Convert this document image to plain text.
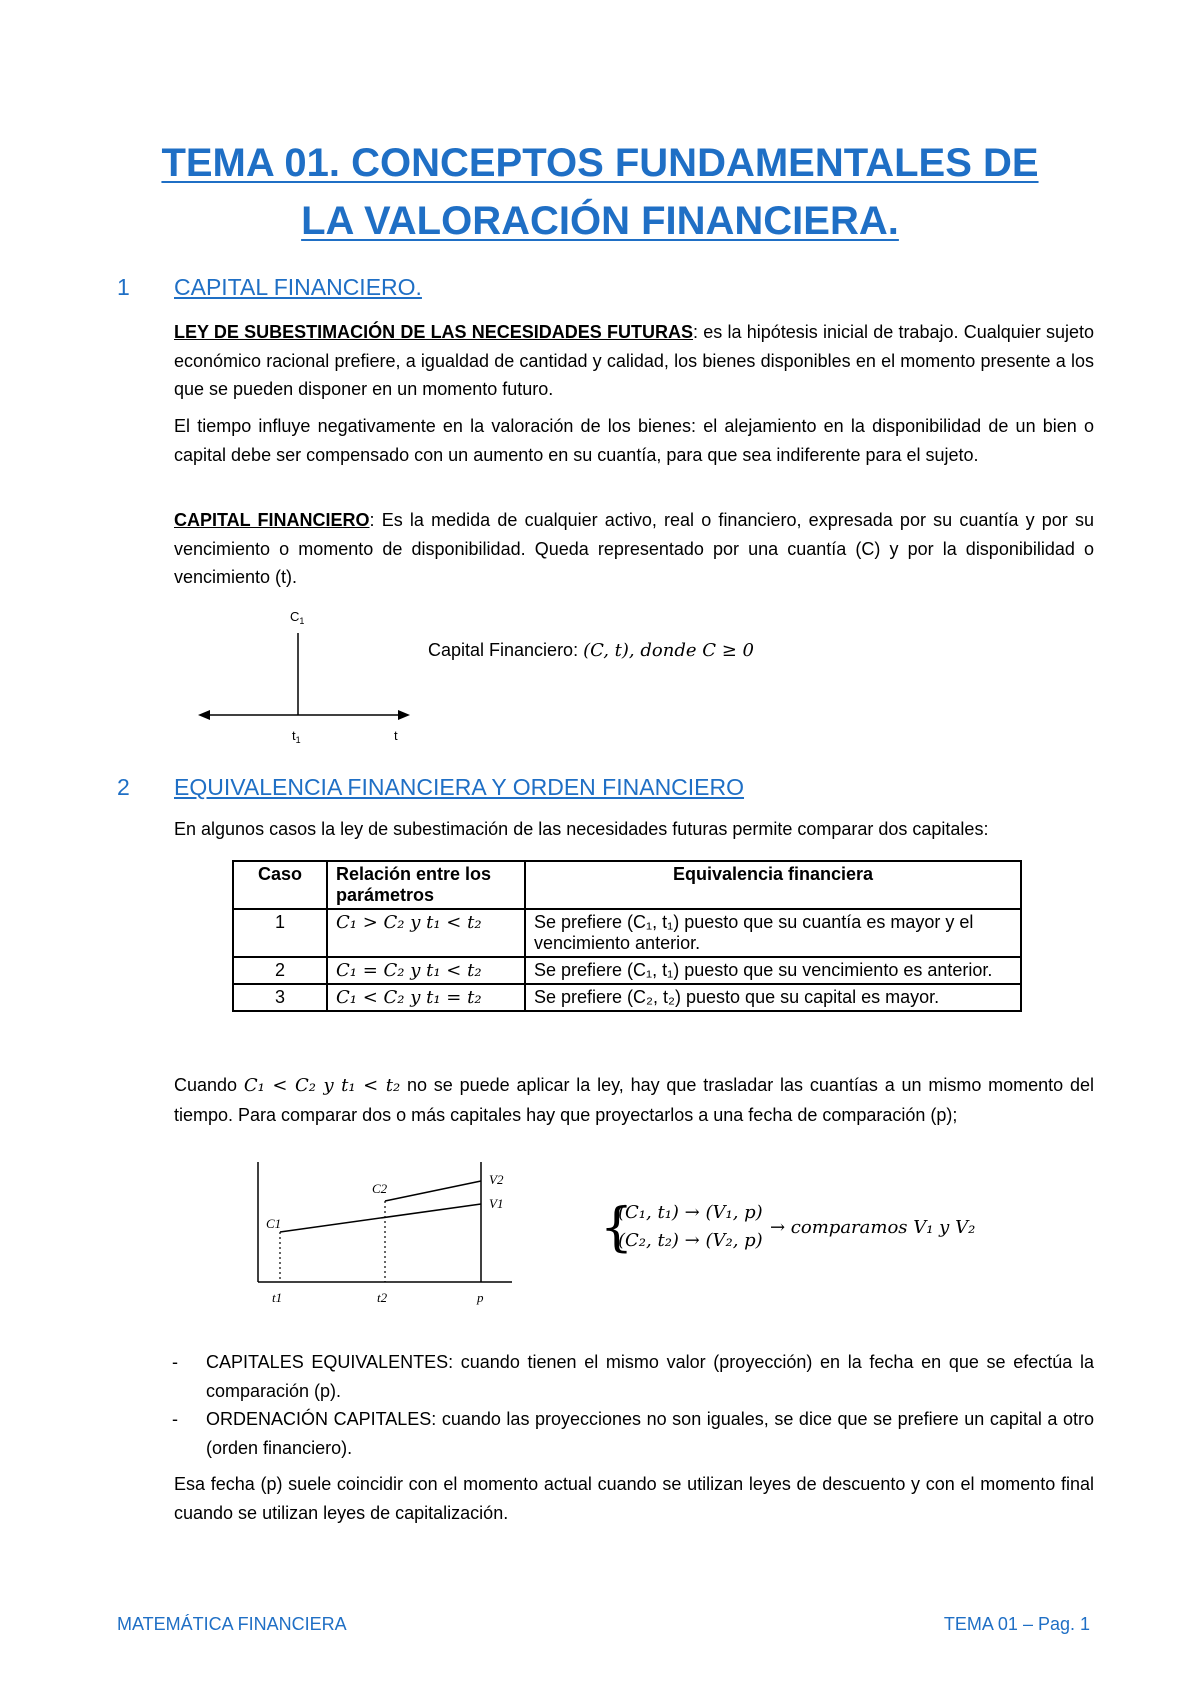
TEMA 01. CONCEPTOS FUNDAMENTALES DE
LA VALORACIÓN FINANCIERA.
1 CAPITAL FINANCIERO.
LEY DE SUBESTIMACIÓN DE LAS NECESIDADES FUTURAS: es la hipótesis inicial de trabajo. Cualquier sujeto económico racional prefiere, a igualdad de cantidad y calidad, los bienes disponibles en el momento presente a los que se pueden disponer en un momento futuro.
El tiempo influye negativamente en la valoración de los bienes: el alejamiento en la disponibilidad de un bien o capital debe ser compensado con un aumento en su cuantía, para que sea indiferente para el sujeto.
CAPITAL FINANCIERO: Es la medida de cualquier activo, real o financiero, expresada por su cuantía y por su vencimiento o momento de disponibilidad. Queda representado por una cuantía (C) y por la disponibilidad o vencimiento (t).
$C_1$
$t_1$	t
Capital Financiero: (C, t), donde C ≥ 0
2 EQUIVALENCIA FINANCIERA Y ORDEN FINANCIERO
En algunos casos la ley de subestimación de las necesidades futuras permite comparar dos capitales:
Caso	Relación entre los parámetros	Equivalencia financiera
1	C₁ > C₂ y t₁ < t₂	Se prefiere (C₁, t₁) puesto que su cuantía es mayor y el vencimiento anterior.
2	C₁ = C₂ y t₁ < t₂	Se prefiere (C₁, t₁) puesto que su vencimiento es anterior.
3	C₁ < C₂ y t₁ = t₂	Se prefiere (C₂, t₂) puesto que su capital es mayor.
Cuando C₁ < C₂ y t₁ < t₂ no se puede aplicar la ley, hay que trasladar las cuantías a un mismo momento del tiempo. Para comparar dos o más capitales hay que proyectarlos a una fecha de comparación (p);
C1
C2
V2
V1
t1	t2	p
{
(C₁, t₁) → (V₁, p)
(C₂, t₂) → (V₂, p)
→ comparamos V₁ y V₂
- CAPITALES EQUIVALENTES: cuando tienen el mismo valor (proyección) en la fecha en que se efectúa la comparación (p).
- ORDENACIÓN CAPITALES: cuando las proyecciones no son iguales, se dice que se prefiere un capital a otro (orden financiero).
Esa fecha (p) suele coincidir con el momento actual cuando se utilizan leyes de descuento y con el momento final cuando se utilizan leyes de capitalización.
MATEMÁTICA FINANCIERA	TEMA 01 – Pag. 1
